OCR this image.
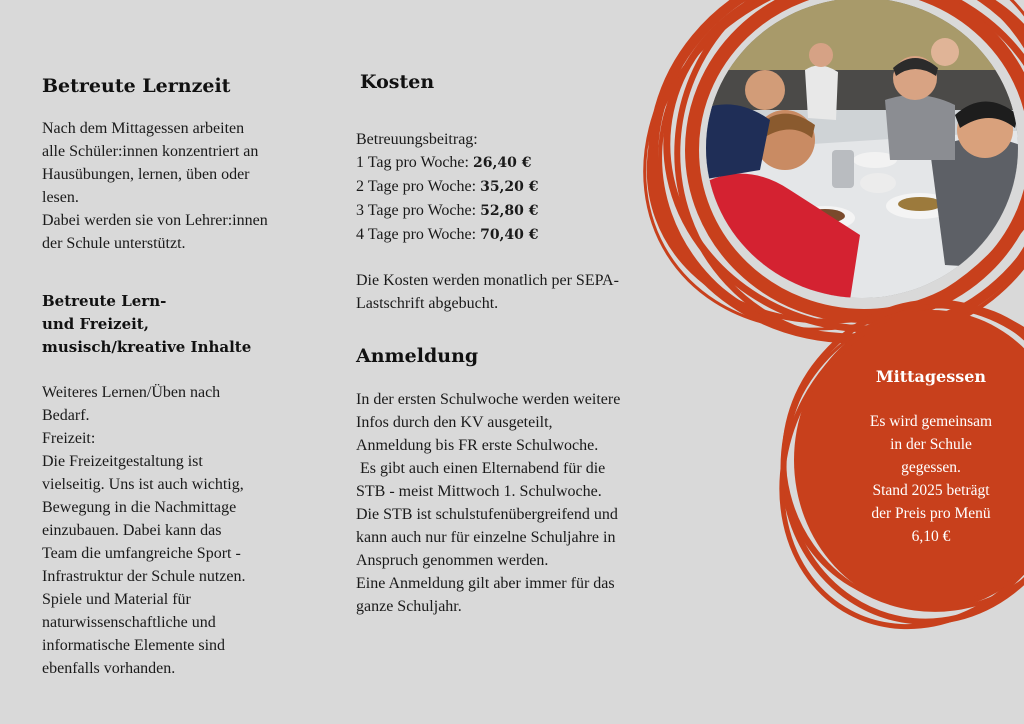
Betreute Lernzeit

Nach dem Mittagessen arbeiten
alle Schüler:innen konzentriert an
Hausübungen, lernen, üben oder
lesen.
Dabei werden sie von Lehrer:innen
der Schule unterstützt.

Betreute Lern-
und Freizeit,
musisch/kreative Inhalte

Weiteres Lernen/Üben nach
Bedarf.
Freizeit:
Die Freizeitgestaltung ist
vielseitig. Uns ist auch wichtig,
Bewegung in die Nachmittage
einzubauen. Dabei kann das
Team die umfangreiche Sport -
Infrastruktur der Schule nutzen.
Spiele und Material für
naturwissenschaftliche und
informatische Elemente sind
ebenfalls vorhanden.

Kosten

Betreuungsbeitrag:
1 Tag pro Woche: 26,40 €
2 Tage pro Woche: 35,20 €
3 Tage pro Woche: 52,80 €
4 Tage pro Woche: 70,40 €

Die Kosten werden monatlich per SEPA-
Lastschrift abgebucht.

Anmeldung

In der ersten Schulwoche werden weitere
Infos durch den KV ausgeteilt,
Anmeldung bis FR erste Schulwoche.
Es gibt auch einen Elternabend für die
STB - meist Mittwoch 1. Schulwoche.
Die STB ist schulstufenübergreifend und
kann auch nur für einzelne Schuljahre in
Anspruch genommen werden.
Eine Anmeldung gilt aber immer für das
ganze Schuljahr.

Mittagessen
Es wird gemeinsam
in der Schule
gegessen.
Stand 2025 beträgt
der Preis pro Menü
6,10 €
